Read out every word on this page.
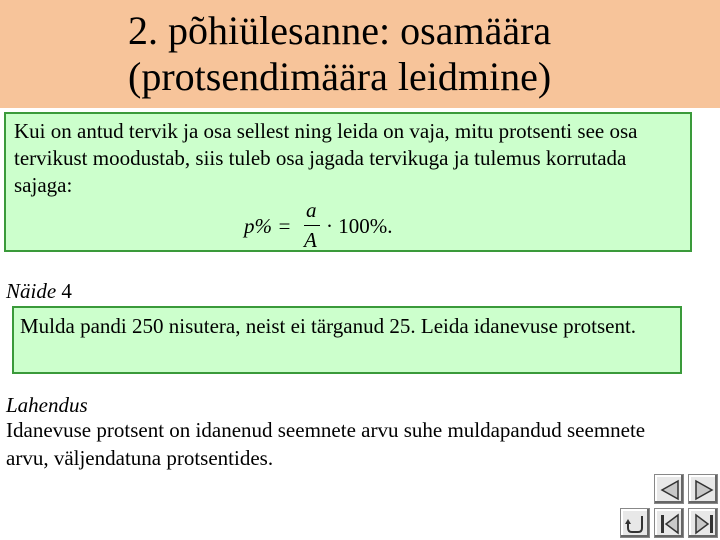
2. põhiülesanne: osamäära
(protsendimäära leidmine)
Kui on antud tervik ja osa sellest ning leida on vaja, mitu protsenti see osa tervikust moodustab, siis tuleb osa jagada tervikuga ja tulemus korrutada sajaga:
p% =
a
A
· 100%.
Näide 4
Mulda pandi 250 nisutera, neist ei tärganud 25. Leida idanevuse protsent.
Lahendus
Idanevuse protsent on idanenud seemnete arvu suhe muldapandud seemnete arvu, väljendatuna protsentides.
